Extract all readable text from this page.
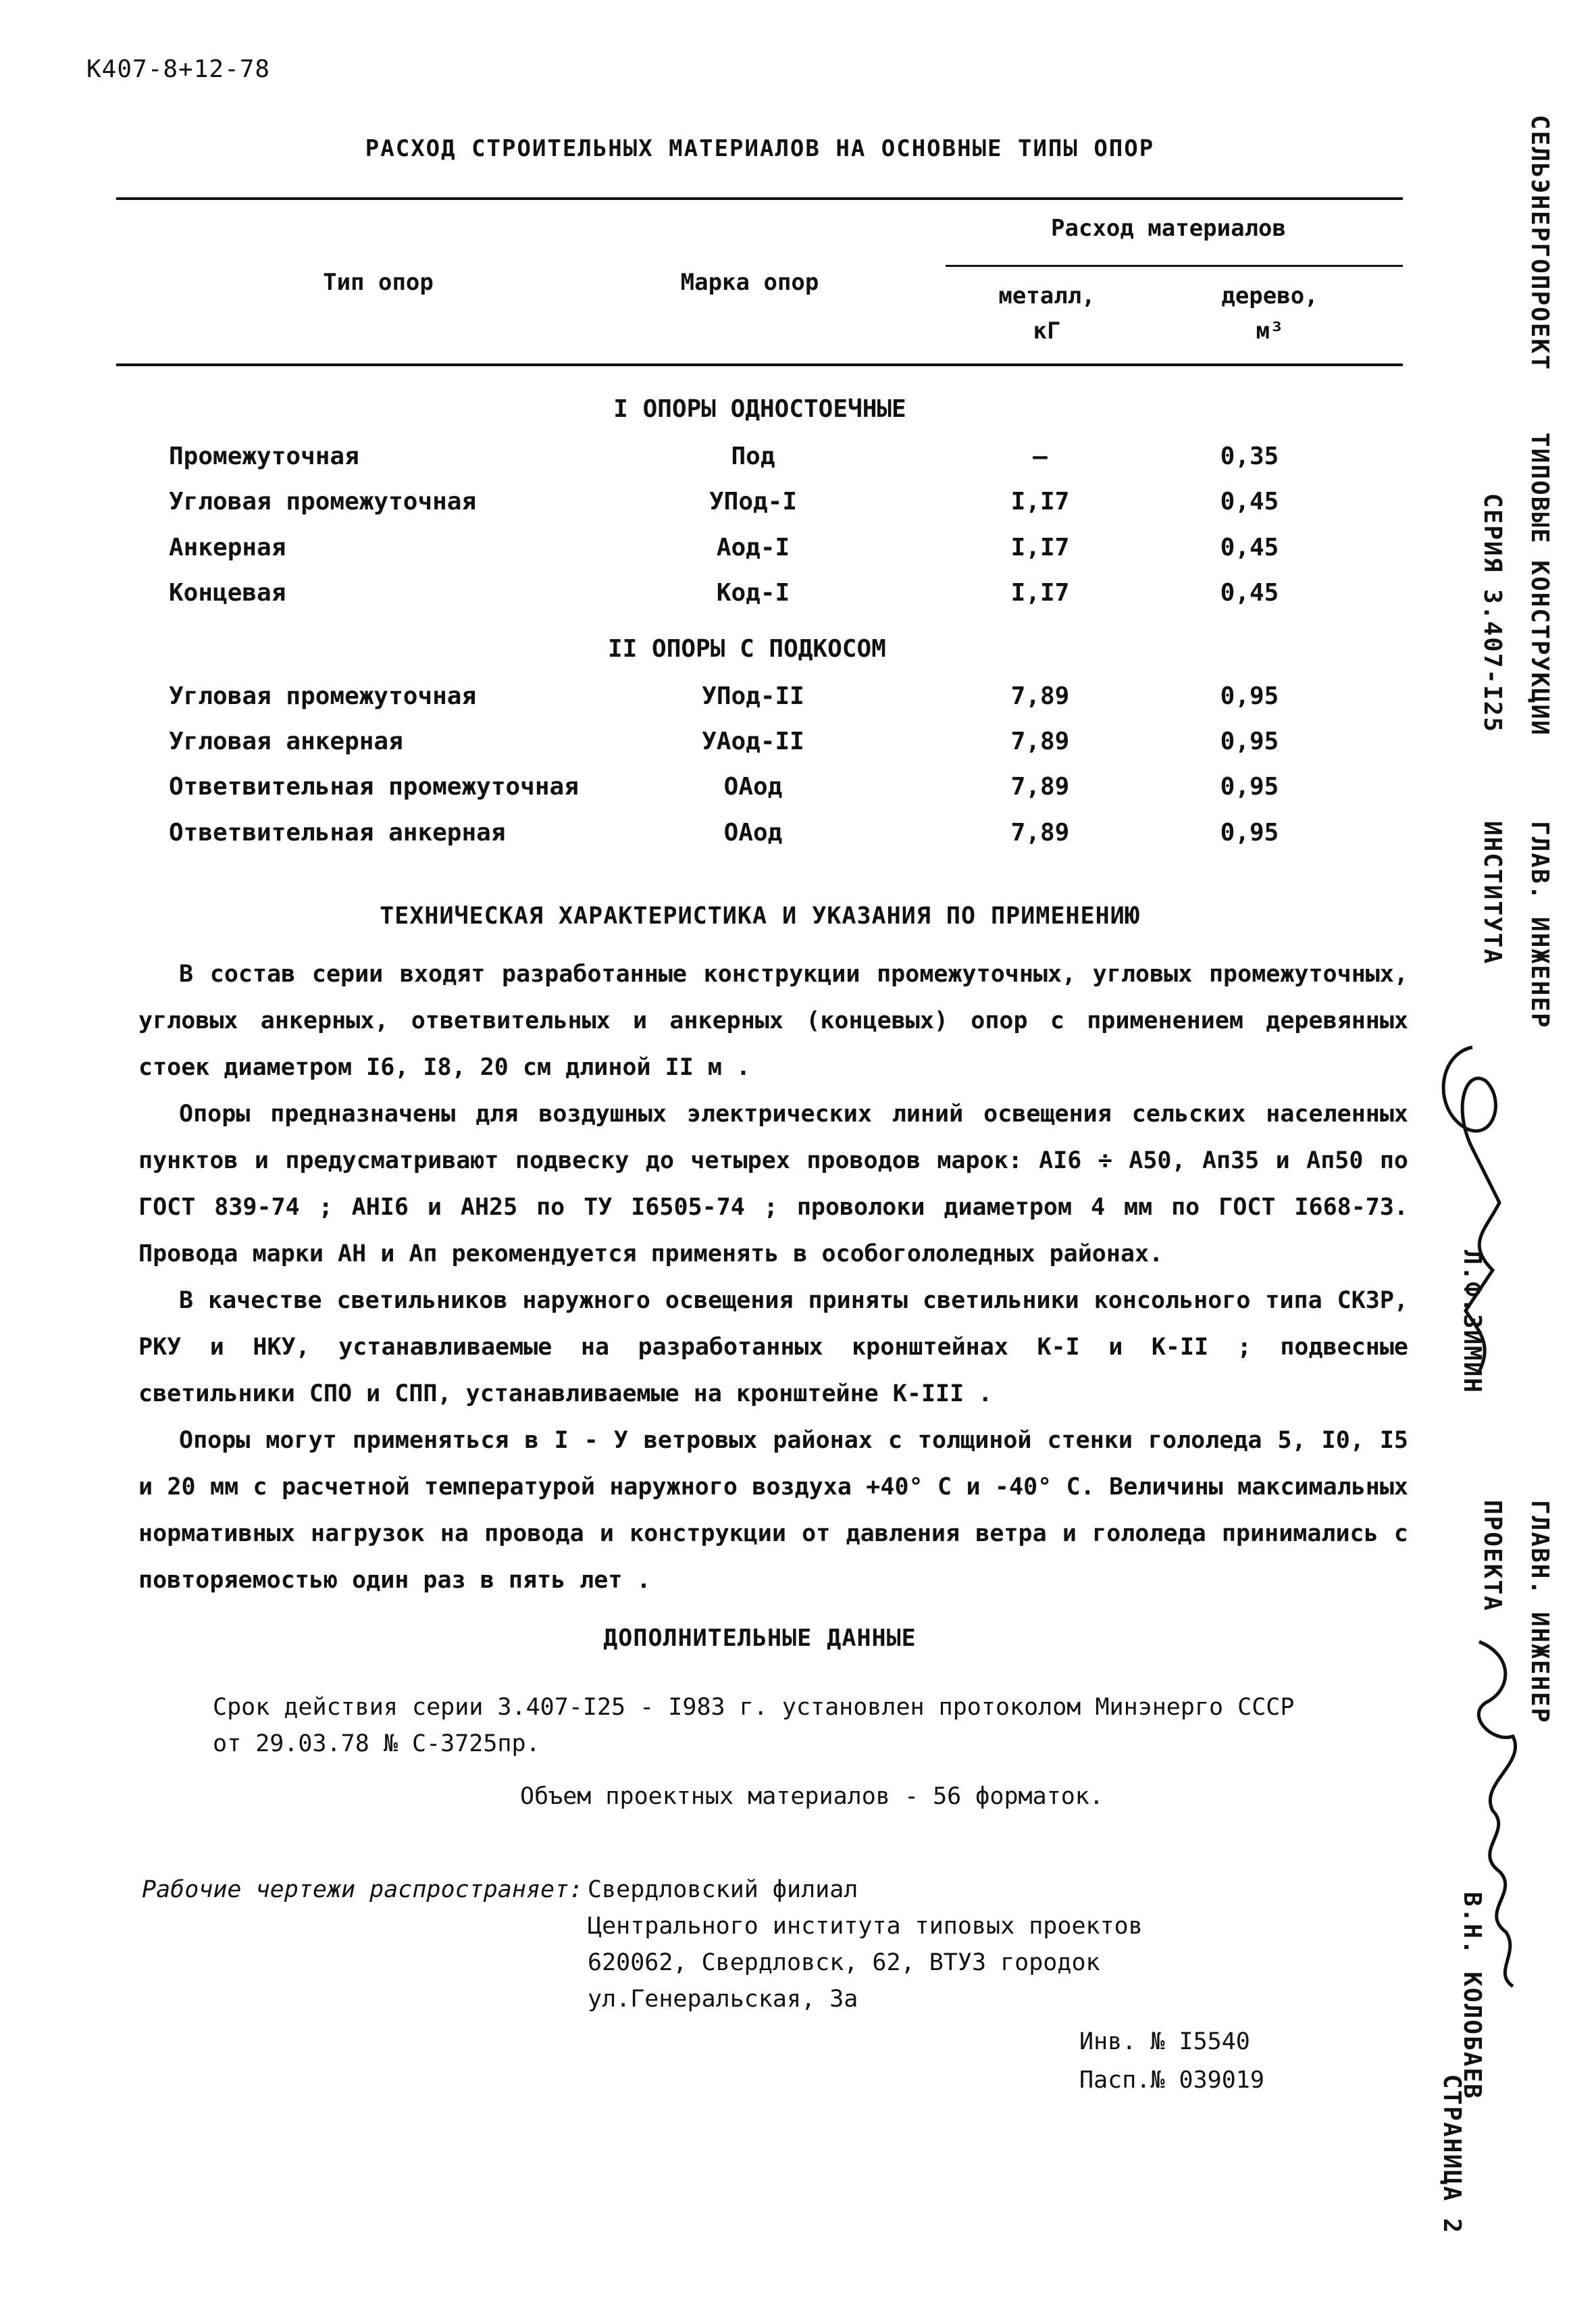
К407-8+12-78
РАСХОД СТРОИТЕЛЬНЫХ МАТЕРИАЛОВ НА ОСНОВНЫЕ ТИПЫ ОПОР
Тип опор	Марка опор
Расход материалов
металл,
кГ
дерево,
м³
I ОПОРЫ ОДНОСТОЕЧНЫЕ
Промежуточная	Под	–	0,35
Угловая промежуточная	УПод-I	I,I7	0,45
Анкерная	Аод-I	I,I7	0,45
Концевая	Код-I	I,I7	0,45
II ОПОРЫ С ПОДКОСОМ
Угловая промежуточная	УПод-II	7,89	0,95
Угловая анкерная	УАод-II	7,89	0,95
Ответвительная промежуточная	ОАод	7,89	0,95
Ответвительная анкерная	ОАод	7,89	0,95
ТЕХНИЧЕСКАЯ ХАРАКТЕРИСТИКА И УКАЗАНИЯ ПО ПРИМЕНЕНИЮ
В состав серии входят разработанные конструкции промежуточных, угловых промежуточных, угловых анкерных, ответвительных и анкерных (концевых) опор с применением деревянных стоек диаметром I6, I8, 20 см длиной II м .
Опоры предназначены для воздушных электрических линий освещения сельских населенных пунктов и предусматривают подвеску до четырех проводов марок: AI6 ÷ A50, Ап35 и Ап50 по ГОСТ 839-74 ; АНI6 и АН25 по ТУ I6505-74 ; проволоки диаметром 4 мм по ГОСТ I668-73. Провода марки АН и Ап рекомендуется применять в особогололедных районах.
В качестве светильников наружного освещения приняты светильники консольного типа СКЗР, РКУ и НКУ, устанавливаемые на разработанных кронштейнах К-I и К-II ; подвесные светильники СПО и СПП, устанавливаемые на кронштейне К-III .
Опоры могут применяться в I - У ветровых районах с толщиной стенки гололеда 5, I0, I5 и 20 мм с расчетной температурой наружного воздуха +40° С и -40° С. Величины максимальных нормативных нагрузок на провода и конструкции от давления ветра и гололеда принимались с повторяемостью один раз в пять лет .
ДОПОЛНИТЕЛЬНЫЕ ДАННЫЕ
Срок действия серии 3.407-I25 - I983 г. установлен протоколом Минэнерго СССР
от 29.03.78 № С-3725пр.
Объем проектных материалов - 56 форматок.
Рабочие чертежи распространяет: Свердловский филиал
Центрального института типовых проектов
620062, Свердловск, 62, ВТУЗ городок
ул.Генеральская, 3а
Инв. № I5540
Пасп.№ 039019
СЕЛЬЭНЕРГОПРОЕКТ
ТИПОВЫЕ КОНСТРУКЦИИ
СЕРИЯ 3.407-I25
ГЛАВ. ИНЖЕНЕР
ИНСТИТУТА
Л.Ф.ЗИМИН
ГЛАВН. ИНЖЕНЕР
ПРОЕКТА
В.Н. КОЛОБАЕВ
СТРАНИЦА 2
